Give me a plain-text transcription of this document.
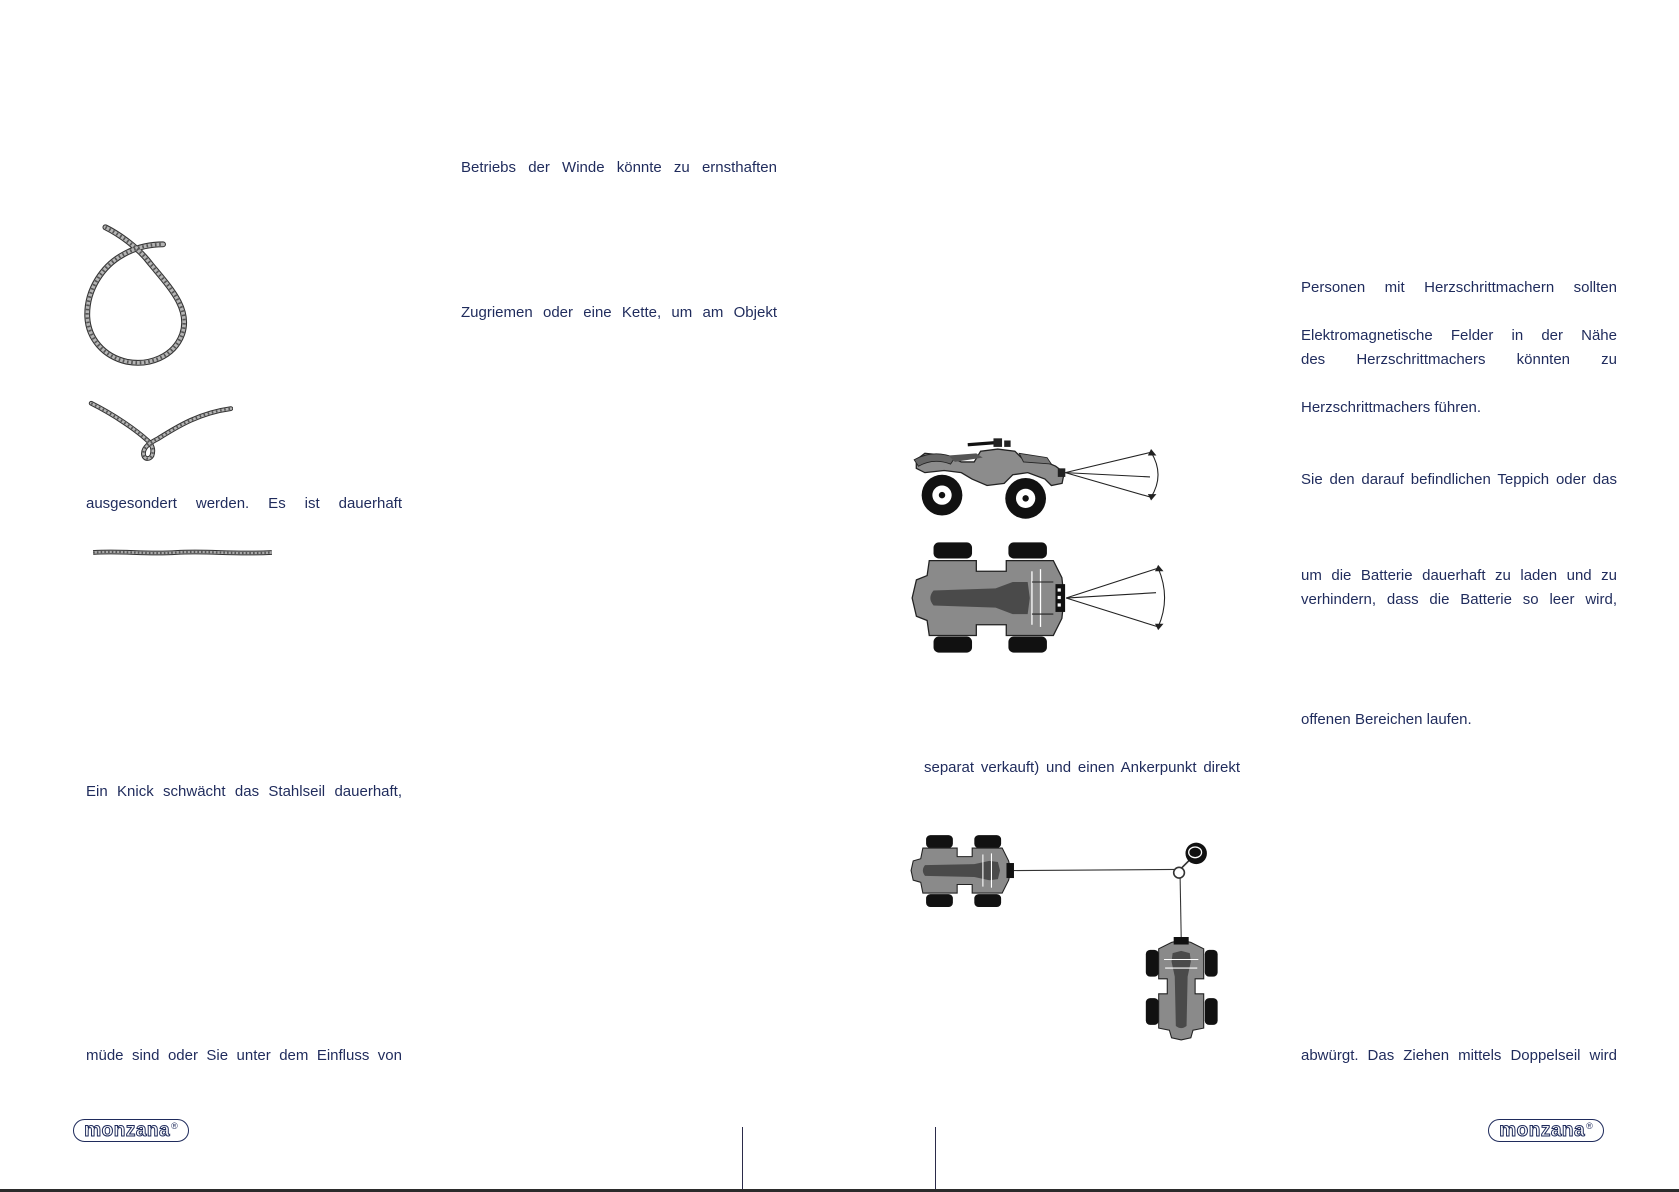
ausgesondert werden. Es ist dauerhaft

Ein Knick schwächt das Stahlseil dauerhaft,

müde sind oder Sie unter dem Einfluss von

Betriebs der Winde könnte zu ernsthaften

Zugriemen oder eine Kette, um am Objekt

separat verkauft) und einen Ankerpunkt direkt

Personen mit Herzschrittmachern sollten

Elektromagnetische Felder in der Nähe

des Herzschrittmachers könnten zu

Herzschrittmachers führen.

Sie den darauf befindlichen Teppich oder das

um die Batterie dauerhaft zu laden und zu

verhindern, dass die Batterie so leer wird,

offenen Bereichen laufen.

abwürgt. Das Ziehen mittels Doppelseil wird

monzana ®	monzana ®
